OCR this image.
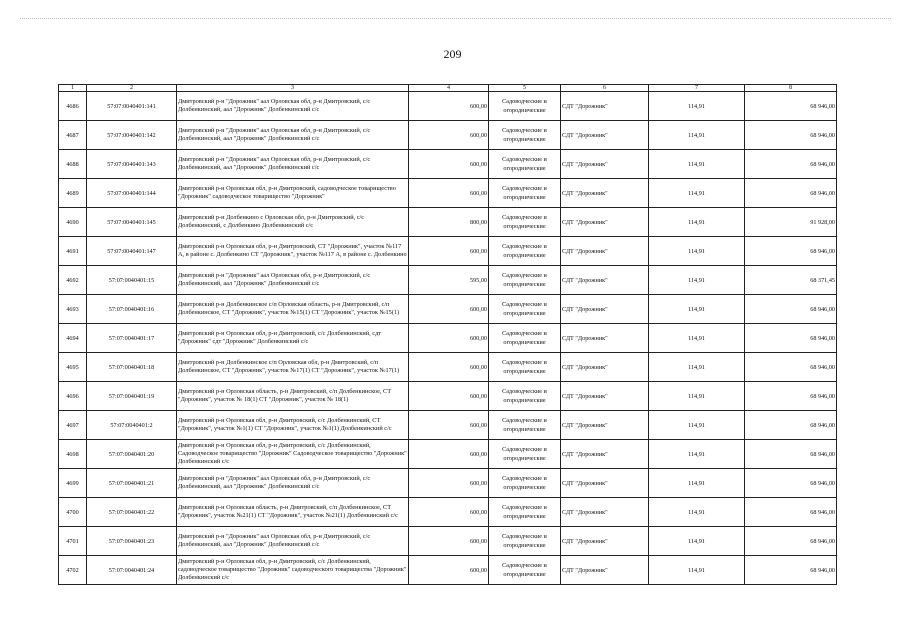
209
1	2	3	4	5	6	7	8
4686	57:07:0040401:141	Дмитровский р-н "Дорожник" аал Орловская обл, р-н Дмитровский, с/с Долбенкинский, аал "Дорожник" Долбенкинский с/с	600,00	Садоводческие и огороднические	СДТ "Дорожник"	114,91	68 946,00
4687	57:07:0040401:142	Дмитровский р-н "Дорожник" аал Орловская обл, р-н Дмитровский, с/с Долбенкинский, аал "Дорожник" Долбенкинский с/с	600,00	Садоводческие и огороднические	СДТ "Дорожник"	114,91	68 946,00
4688	57:07:0040401:143	Дмитровский р-н "Дорожник" аал Орловская обл, р-н Дмитровский, с/с Долбенкинский, аал "Дорожник" Долбенкинский с/с	600,00	Садоводческие и огороднические	СДТ "Дорожник"	114,91	68 946,00
4689	57:07:0040401:144	Дмитровский р-н Орловская обл, р-н Дмитровский, садоводческое товарищество "Дорожник" садоводческое товарищество "Дорожник"	600,00	Садоводческие и огороднические	СДТ "Дорожник"	114,91	68 946,00
4690	57:07:0040401:145	Дмитровский р-н Долбенкино с Орловская обл, р-н Дмитровский, с/с Долбенкинский, с Долбенкино Долбенкинский с/с	800,00	Садоводческие и огороднические	СДТ "Дорожник"	114,91	91 928,00
4691	57:07:0040401:147	Дмитровский р-н Орловская обл, р-н Дмитровский, СТ "Дорожник", участок №117 А, в районе с. Долбенкино СТ "Дорожник", участок №117 А, в районе с. Долбенкино	600,00	Садоводческие и огороднические	СДТ "Дорожник"	114,91	68 946,00
4692	57:07:0040401:15	Дмитровский р-н "Дорожник" аал Орловская обл, р-н Дмитровский, с/с Долбенкинский, аал "Дорожник" Долбенкинский с/с	595,00	Садоводческие и огороднические	СДТ "Дорожник"	114,91	68 371,45
4693	57:07:0040401:16	Дмитровский р-н Долбенкинское с/п Орловская область, р-н Дмитровский, с/п Долбенкинское, СТ "Дорожник", участок №15(1) СТ "Дорожник", участок №15(1)	600,00	Садоводческие и огороднические	СДТ "Дорожник"	114,91	68 946,00
4694	57:07:0040401:17	Дмитровский р-н Орловская обл, р-н Дмитровский, с/с Долбенкинский, сдт "Дорожник" сдт "Дорожник" Долбенкинский с/с	600,00	Садоводческие и огороднические	СДТ "Дорожник"	114,91	68 946,00
4695	57:07:0040401:18	Дмитровский р-н Долбенкинское с/п Орловская обл, р-н Дмитровский, с/п Долбенкинское, СТ "Дорожник", участок №17(1) СТ "Дорожник", участок №17(1)	600,00	Садоводческие и огороднические	СДТ "Дорожник"	114,91	68 946,00
4696	57:07:0040401:19	Дмитровский р-н Орловская область, р-н Дмитровский, с/п Долбенкинское, СТ "Дорожник", участок № 18(1) СТ "Дорожник", участок № 18(1)	600,00	Садоводческие и огороднические	СДТ "Дорожник"	114,91	68 946,00
4697	57:07:0040401:2	Дмитровский р-н Орловская обл, р-н Дмитровский, с/с Долбенкинский, СТ "Дорожник", участок №1(1) СТ "Дорожник", участок №1(1) Долбенкинский с/с	600,00	Садоводческие и огороднические	СДТ "Дорожник"	114,91	68 946,00
4698	57:07:0040401:20	Дмитровский р-н Орловская обл, р-н Дмитровский, с/с Долбенкинский, Садоводческое товарищество "Дорожник" Садоводческое товарищество "Дорожник" Долбенкинский с/с	600,00	Садоводческие и огороднические	СДТ "Дорожник"	114,91	68 946,00
4699	57:07:0040401:21	Дмитровский р-н "Дорожник" аал Орловская обл, р-н Дмитровский, с/с Долбенкинский, аал "Дорожник" Долбенкинский с/с	600,00	Садоводческие и огороднические	СДТ "Дорожник"	114,91	68 946,00
4700	57:07:0040401:22	Дмитровский р-н Орловская область, р-н Дмитровский, с/п Долбенкинское, СТ "Дорожник", участок №21(1) СТ "Дорожник", участок №21(1) Долбенкинский с/с	600,00	Садоводческие и огороднические	СДТ "Дорожник"	114,91	68 946,00
4701	57:07:0040401:23	Дмитровский р-н "Дорожник" аал Орловская обл, р-н Дмитровский, с/с Долбенкинский, аал "Дорожник" Долбенкинский с/с	600,00	Садоводческие и огороднические	СДТ "Дорожник"	114,91	68 946,00
4702	57:07:0040401:24	Дмитровский р-н Орловская обл, р-н Дмитровский, с/с Долбенкинский, садоводческое товарищество "Дорожник" садоводческого товарищества "Дорожник" Долбенкинский с/с	600,00	Садоводческие и огороднические	СДТ "Дорожник"	114,91	68 946,00
